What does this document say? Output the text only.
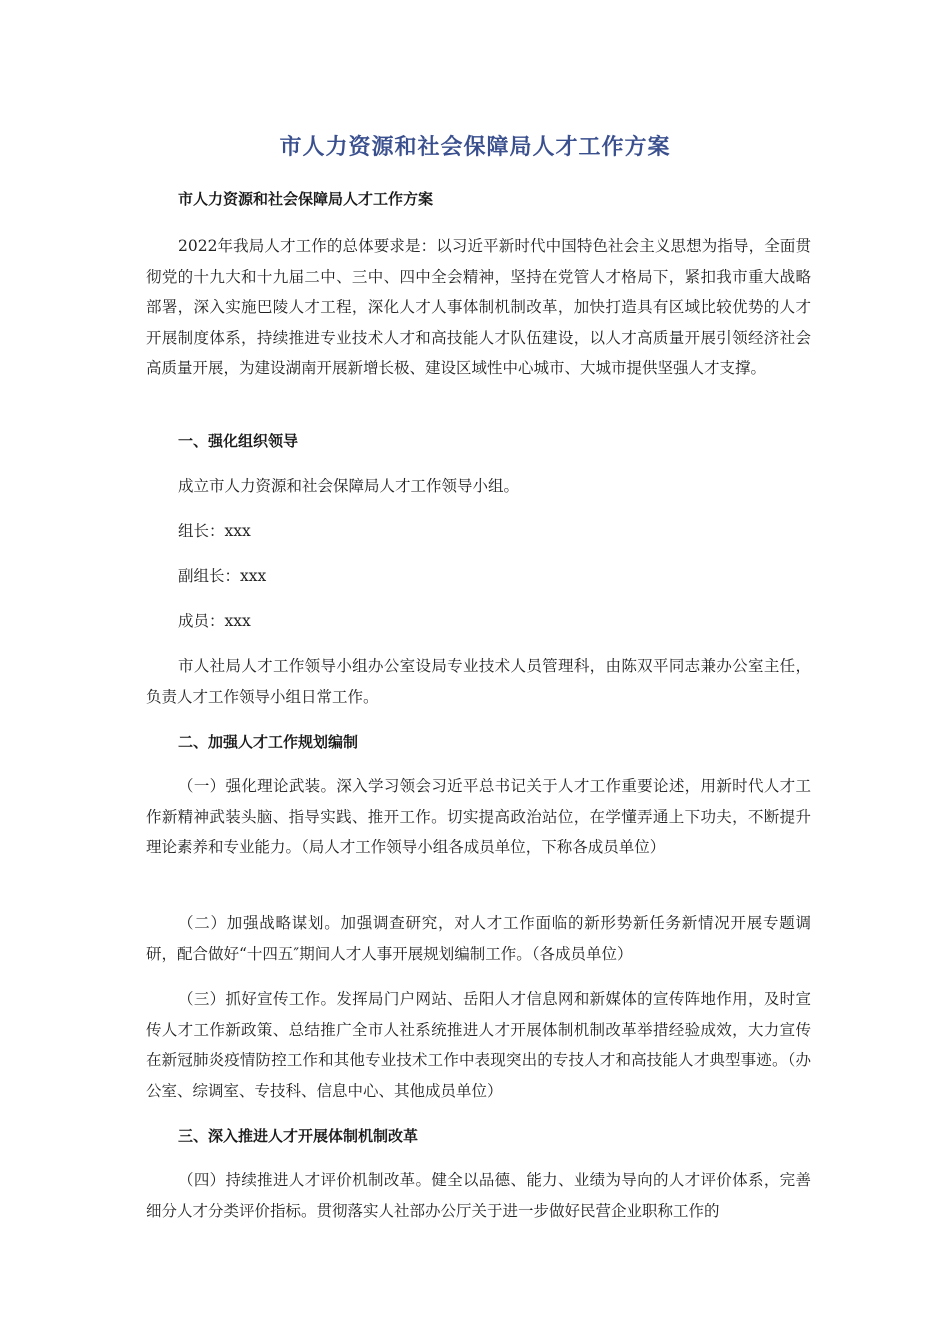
市人力资源和社会保障局人才工作方案
市人力资源和社会保障局人才工作方案
2022年我局人才工作的总体要求是：以习近平新时代中国特色社会主义思想为指导，全面贯彻党的十九大和十九届二中、三中、四中全会精神，坚持在党管人才格局下，紧扣我市重大战略部署，深入实施巴陵人才工程，深化人才人事体制机制改革，加快打造具有区域比较优势的人才开展制度体系，持续推进专业技术人才和高技能人才队伍建设，以人才高质量开展引领经济社会高质量开展，为建设湖南开展新增长极、建设区域性中心城市、大城市提供坚强人才支撑。
一、强化组织领导
成立市人力资源和社会保障局人才工作领导小组。
组长：xxx
副组长：xxx
成员：xxx
市人社局人才工作领导小组办公室设局专业技术人员管理科，由陈双平同志兼办公室主任，负责人才工作领导小组日常工作。
二、加强人才工作规划编制
（一）强化理论武装。深入学习领会习近平总书记关于人才工作重要论述，用新时代人才工作新精神武装头脑、指导实践、推开工作。切实提高政治站位，在学懂弄通上下功夫，不断提升理论素养和专业能力。（局人才工作领导小组各成员单位，下称各成员单位）
（二）加强战略谋划。加强调查研究，对人才工作面临的新形势新任务新情况开展专题调研，配合做好“十四五″期间人才人事开展规划编制工作。（各成员单位）
（三）抓好宣传工作。发挥局门户网站、岳阳人才信息网和新媒体的宣传阵地作用，及时宣传人才工作新政策、总结推广全市人社系统推进人才开展体制机制改革举措经验成效，大力宣传在新冠肺炎疫情防控工作和其他专业技术工作中表现突出的专技人才和高技能人才典型事迹。（办公室、综调室、专技科、信息中心、其他成员单位）
三、深入推进人才开展体制机制改革
（四）持续推进人才评价机制改革。健全以品德、能力、业绩为导向的人才评价体系，完善细分人才分类评价指标。贯彻落实人社部办公厅关于进一步做好民营企业职称工作的
